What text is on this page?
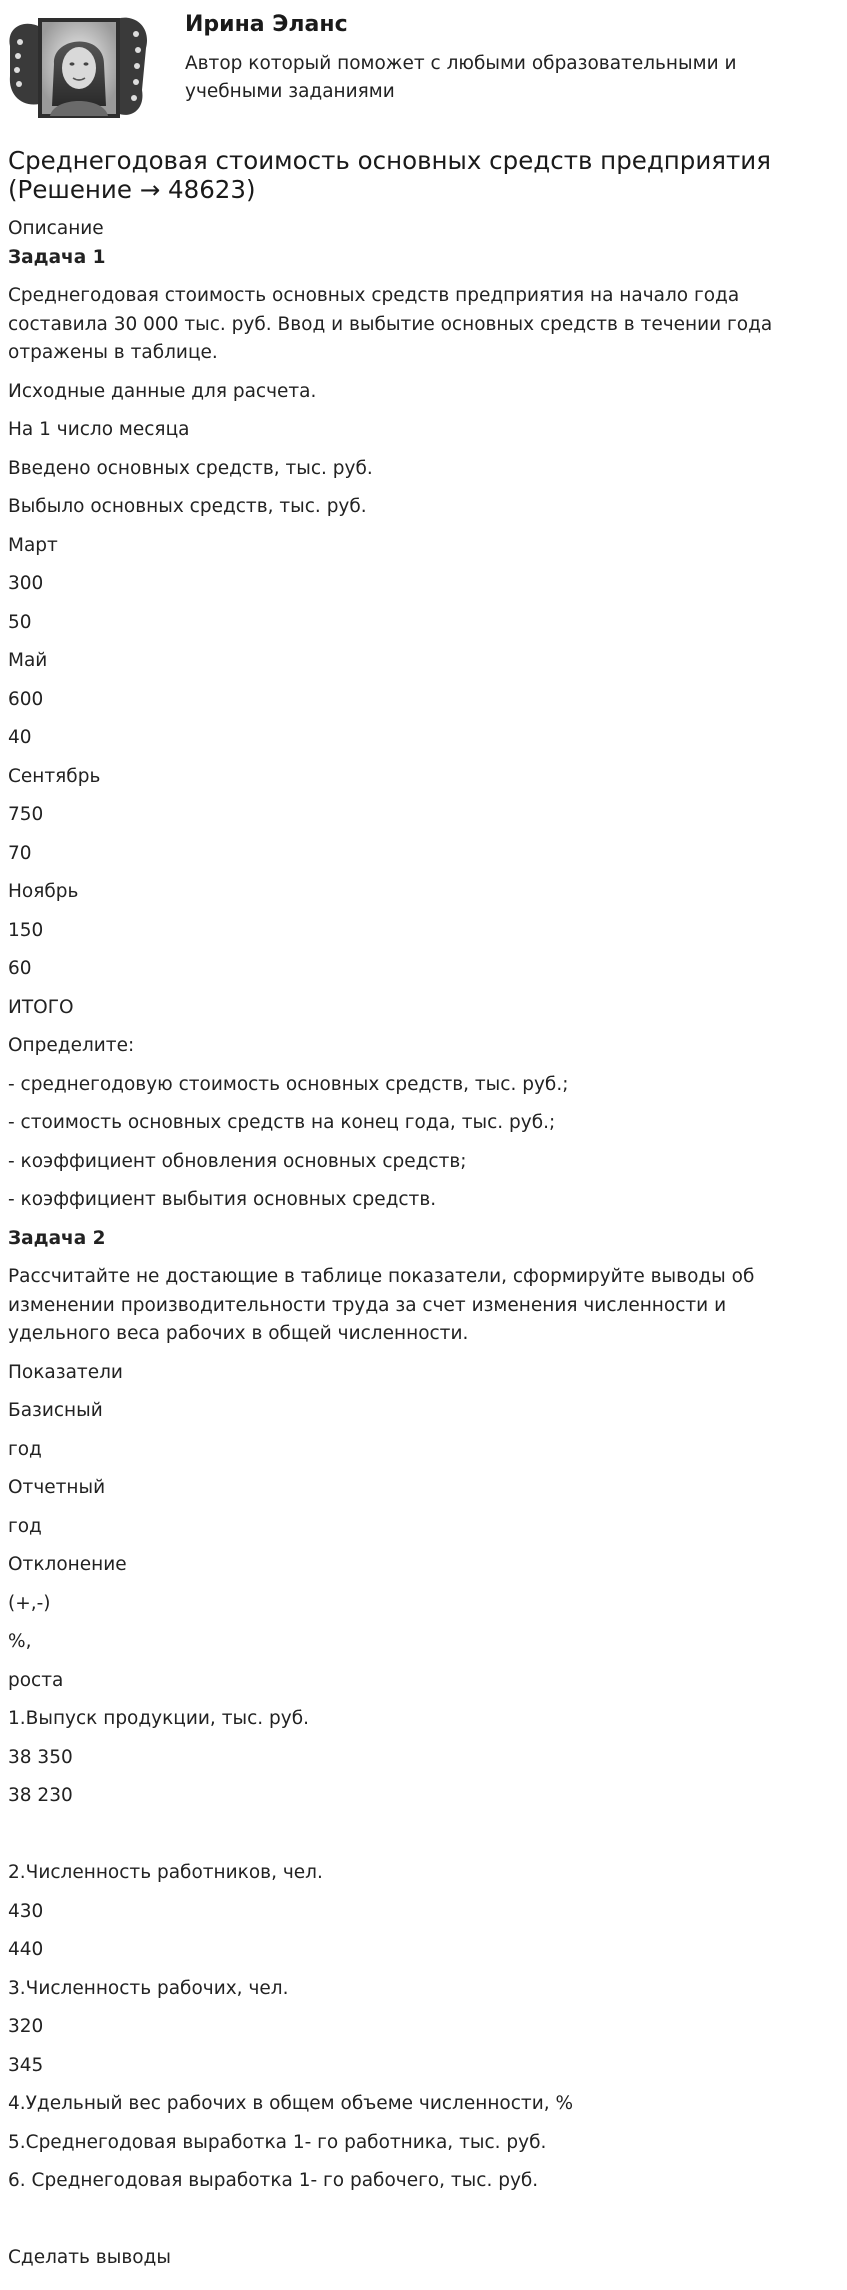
Ирина Эланс
Автор который поможет с любыми образовательными и учебными заданиями
Среднегодовая стоимость основных средств предприятия (Решение → 48623)
Описание
Задача 1
Среднегодовая стоимость основных средств предприятия на начало года составила 30 000 тыс. руб. Ввод и выбытие основных средств в течении года отражены в таблице.
Исходные данные для расчета.
На 1 число месяца
Введено основных средств, тыс. руб.
Выбыло основных средств, тыс. руб.
Март
300
50
Май
600
40
Сентябрь
750
70
Ноябрь
150
60
ИТОГО
Определите:
- среднегодовую стоимость основных средств, тыс. руб.;
- стоимость основных средств на конец года, тыс. руб.;
- коэффициент обновления основных средств;
- коэффициент выбытия основных средств.
Задача 2
Рассчитайте не достающие в таблице показатели, сформируйте выводы об изменении производительности труда за счет изменения численности и удельного веса рабочих в общей численности.
Показатели
Базисный
год
Отчетный
год
Отклонение
(+,-)
%,
роста
1.Выпуск продукции, тыс. руб.
38 350
38 230
2.Численность работников, чел.
430
440
3.Численность рабочих, чел.
320
345
4.Удельный вес рабочих в общем объеме численности, %
5.Среднегодовая выработка 1- го работника, тыс. руб.
6. Среднегодовая выработка 1- го рабочего, тыс. руб.
Сделать выводы
